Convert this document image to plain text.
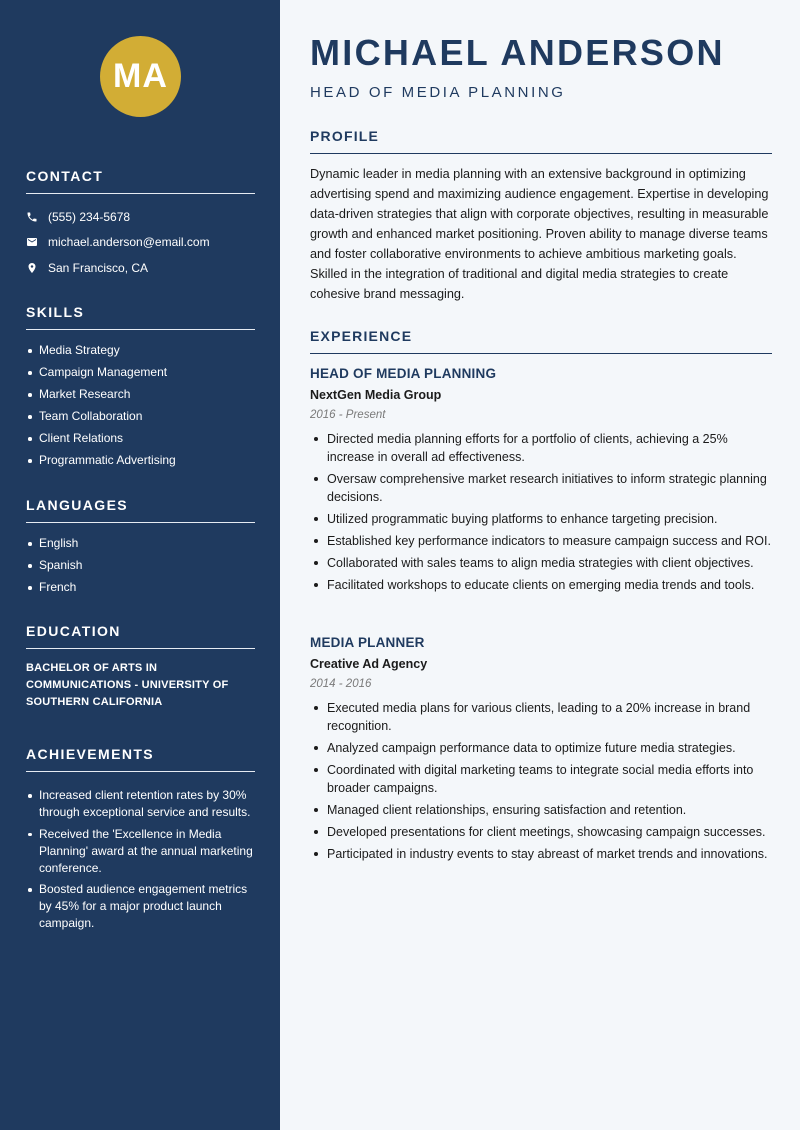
MA
CONTACT
(555) 234-5678
michael.anderson@email.com
San Francisco, CA
SKILLS
Media Strategy
Campaign Management
Market Research
Team Collaboration
Client Relations
Programmatic Advertising
LANGUAGES
English
Spanish
French
EDUCATION

BACHELOR OF ARTS IN COMMUNICATIONS - UNIVERSITY OF SOUTHERN CALIFORNIA

ACHIEVEMENTS
Increased client retention rates by 30% through exceptional service and results.
Received the 'Excellence in Media Planning' award at the annual marketing conference.
Boosted audience engagement metrics by 45% for a major product launch campaign.
MICHAEL ANDERSON
HEAD OF MEDIA PLANNING
PROFILE

Dynamic leader in media planning with an extensive background in optimizing advertising spend and maximizing audience engagement. Expertise in developing data-driven strategies that align with corporate objectives, resulting in measurable growth and enhanced market positioning. Proven ability to manage diverse teams and foster collaborative environments to achieve ambitious marketing goals. Skilled in the integration of traditional and digital media strategies to create cohesive brand messaging.

EXPERIENCE
HEAD OF MEDIA PLANNING
NextGen Media Group
2016 - Present
Directed media planning efforts for a portfolio of clients, achieving a 25% increase in overall ad effectiveness.
Oversaw comprehensive market research initiatives to inform strategic planning decisions.
Utilized programmatic buying platforms to enhance targeting precision.
Established key performance indicators to measure campaign success and ROI.
Collaborated with sales teams to align media strategies with client objectives.
Facilitated workshops to educate clients on emerging media trends and tools.
MEDIA PLANNER
Creative Ad Agency
2014 - 2016
Executed media plans for various clients, leading to a 20% increase in brand recognition.
Analyzed campaign performance data to optimize future media strategies.
Coordinated with digital marketing teams to integrate social media efforts into broader campaigns.
Managed client relationships, ensuring satisfaction and retention.
Developed presentations for client meetings, showcasing campaign successes.
Participated in industry events to stay abreast of market trends and innovations.
